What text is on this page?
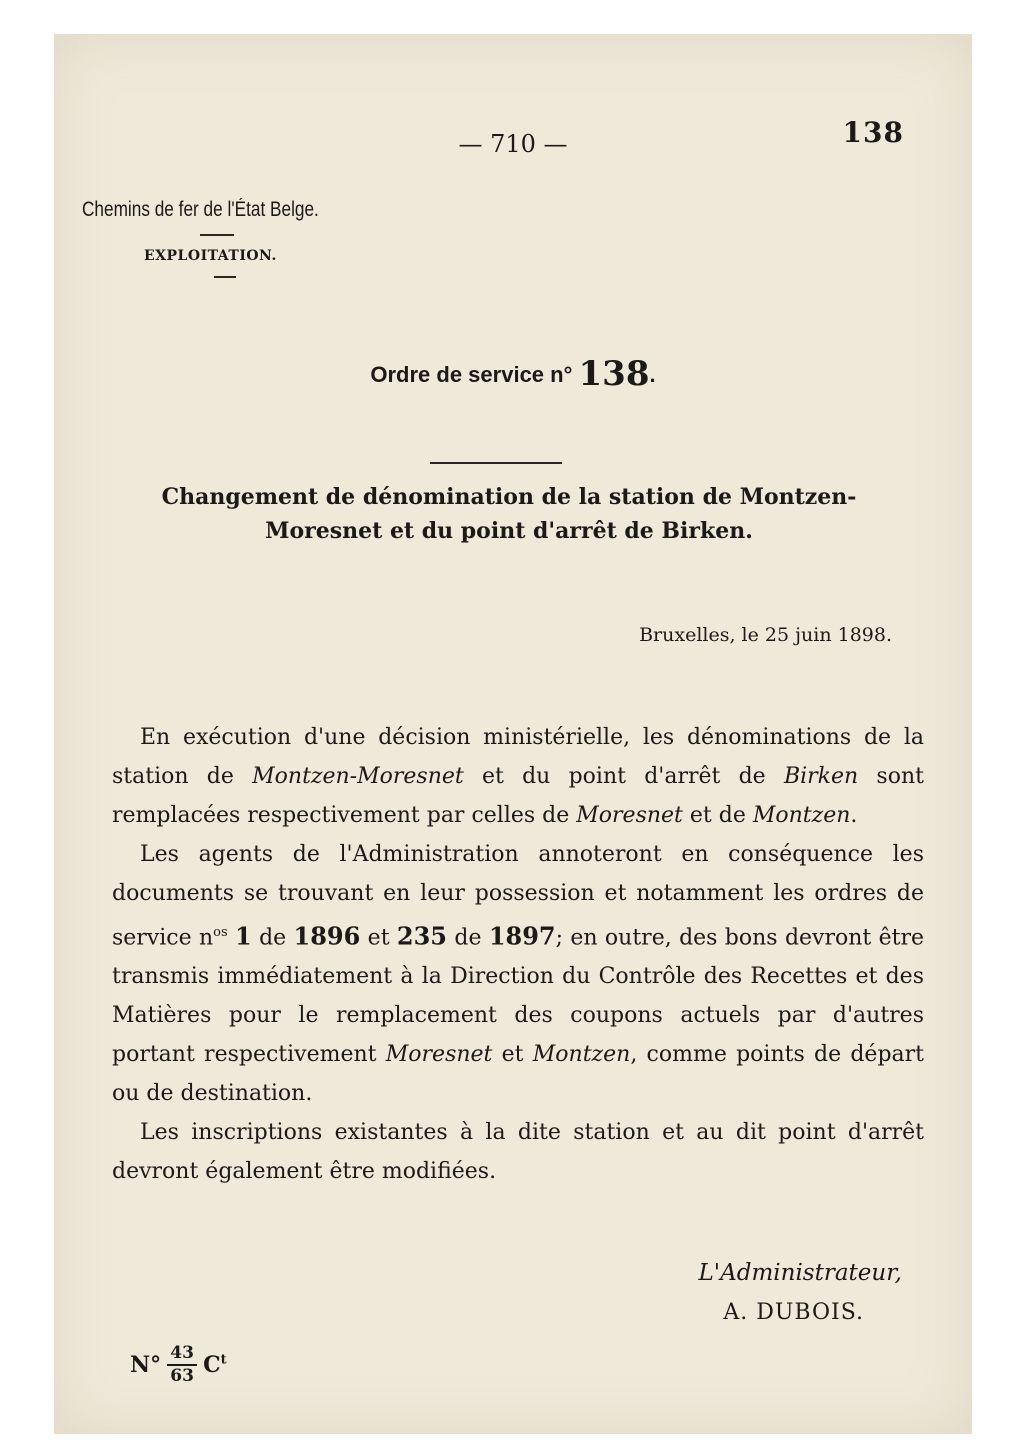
— 710 —	138
Chemins de fer de l'État Belge.
EXPLOITATION.
Ordre de service n° 138.
Changement de dénomination de la station de Montzen-
Moresnet et du point d'arrêt de Birken.
Bruxelles, le 25 juin 1898.

En exécution d'une décision ministérielle, les dénominations de la station de Montzen-Moresnet et du point d'arrêt de Birken sont remplacées respectivement par celles de Moresnet et de Montzen.

Les agents de l'Administration annoteront en conséquence les documents se trouvant en leur possession et notamment les ordres de service $n^{os}$ 1 de 1896 et 235 de 1897; en outre, des bons devront être transmis immédiatement à la Direction du Contrôle des Recettes et des Matières pour le remplacement des coupons actuels par d'autres portant respectivement Moresnet et Montzen, comme points de départ ou de destination.

Les inscriptions existantes à la dite station et au dit point d'arrêt devront également être modifiées.

L'Administrateur,
A. DUBOIS.
$N^\circ \frac{43}{63} C^t$
